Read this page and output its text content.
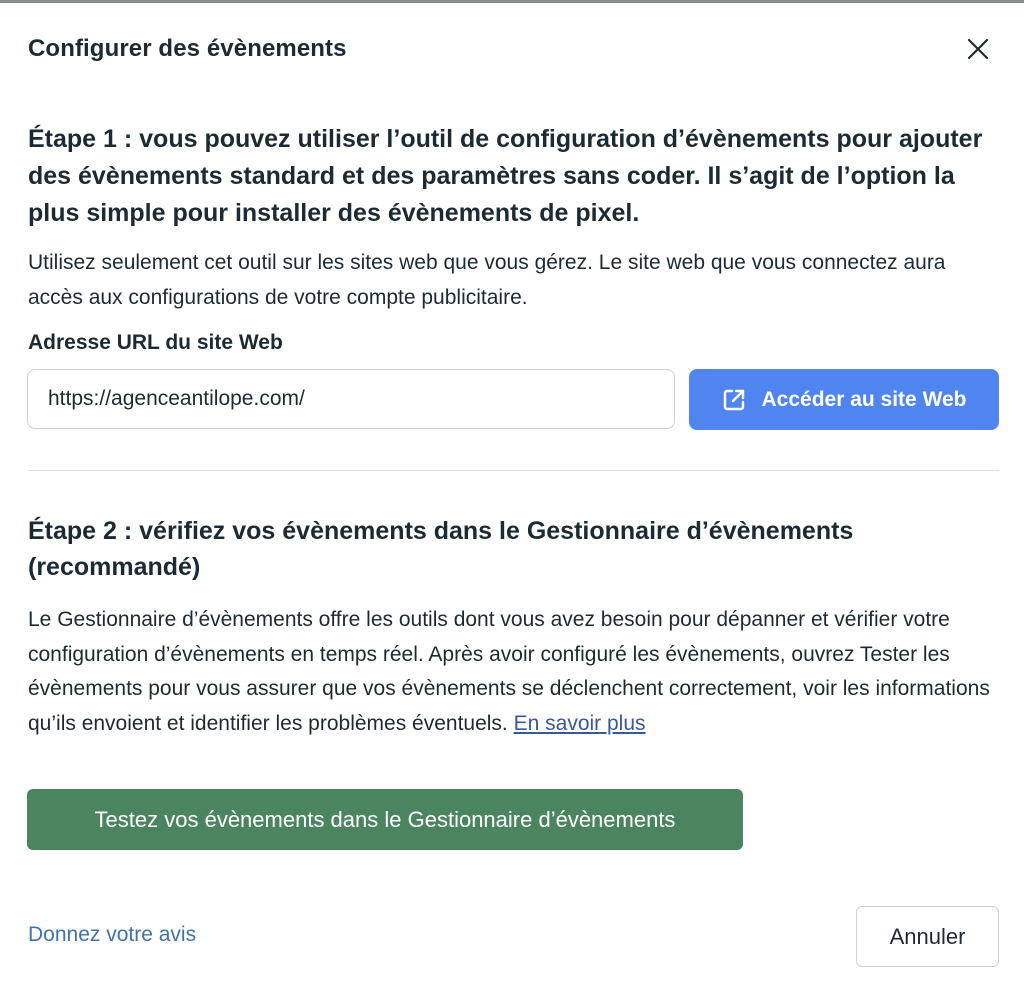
Configurer des évènements
Étape 1 : vous pouvez utiliser l’outil de configuration d’évènements pour ajouter des évènements standard et des paramètres sans coder. Il s’agit de l’option la plus simple pour installer des évènements de pixel.
Utilisez seulement cet outil sur les sites web que vous gérez. Le site web que vous connectez aura accès aux configurations de votre compte publicitaire.
Adresse URL du site Web
https://agenceantilope.com/
Accéder au site Web
Étape 2 : vérifiez vos évènements dans le Gestionnaire d’évènements (recommandé)
Le Gestionnaire d’évènements offre les outils dont vous avez besoin pour dépanner et vérifier votre configuration d’évènements en temps réel. Après avoir configuré les évènements, ouvrez Tester les évènements pour vous assurer que vos évènements se déclenchent correctement, voir les informations qu’ils envoient et identifier les problèmes éventuels. En savoir plus
Testez vos évènements dans le Gestionnaire d’évènements
Donnez votre avis	Annuler
